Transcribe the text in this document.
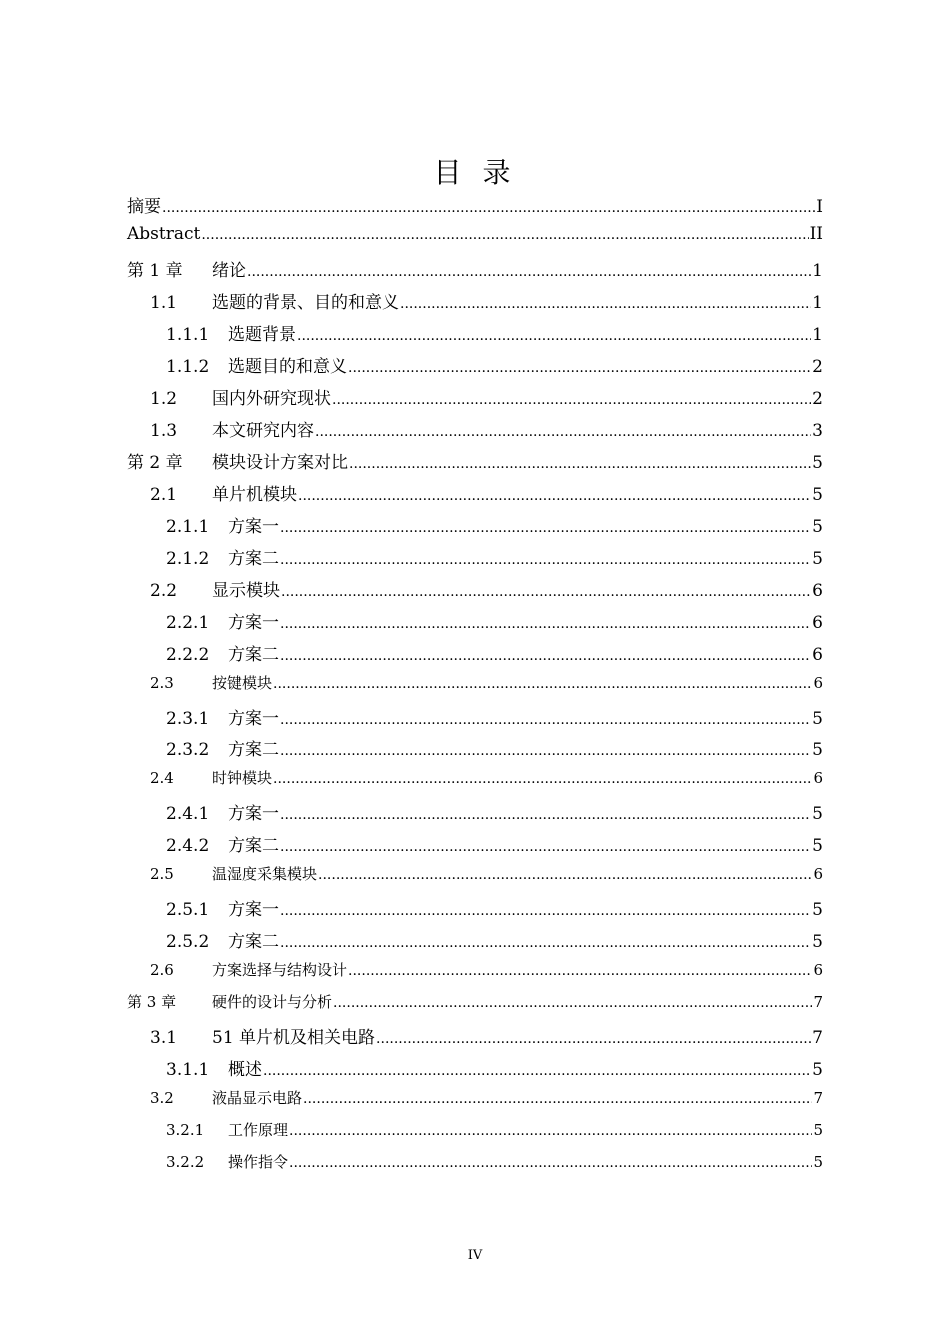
目 录
摘要 .....	I
Abstract .....	II
第 1 章	绪论 .....	1
1.1	选题的背景、目的和意义 .....	1
1.1.1	选题背景 .....	1
1.1.2	选题目的和意义 .....	2
1.2	国内外研究现状 .....	2
1.3	本文研究内容 .....	3
第 2 章	模块设计方案对比 .....	5
2.1	单片机模块 .....	5
2.1.1	方案一 .....	5
2.1.2	方案二 .....	5
2.2	显示模块 .....	6
2.2.1	方案一 .....	6
2.2.2	方案二 .....	6
2.3	按键模块 .....	6
2.3.1	方案一 .....	5
2.3.2	方案二 .....	5
2.4	时钟模块 .....	6
2.4.1	方案一 .....	5
2.4.2	方案二 .....	5
2.5	温湿度采集模块 .....	6
2.5.1	方案一 .....	5
2.5.2	方案二 .....	5
2.6	方案选择与结构设计 .....	6
第 3 章	硬件的设计与分析 .....	7
3.1	51 单片机及相关电路 .....	7
3.1.1	概述 .....	5
3.2	液晶显示电路 .....	7
3.2.1	工作原理 .....	5
3.2.2	操作指令 .....	5
IV
